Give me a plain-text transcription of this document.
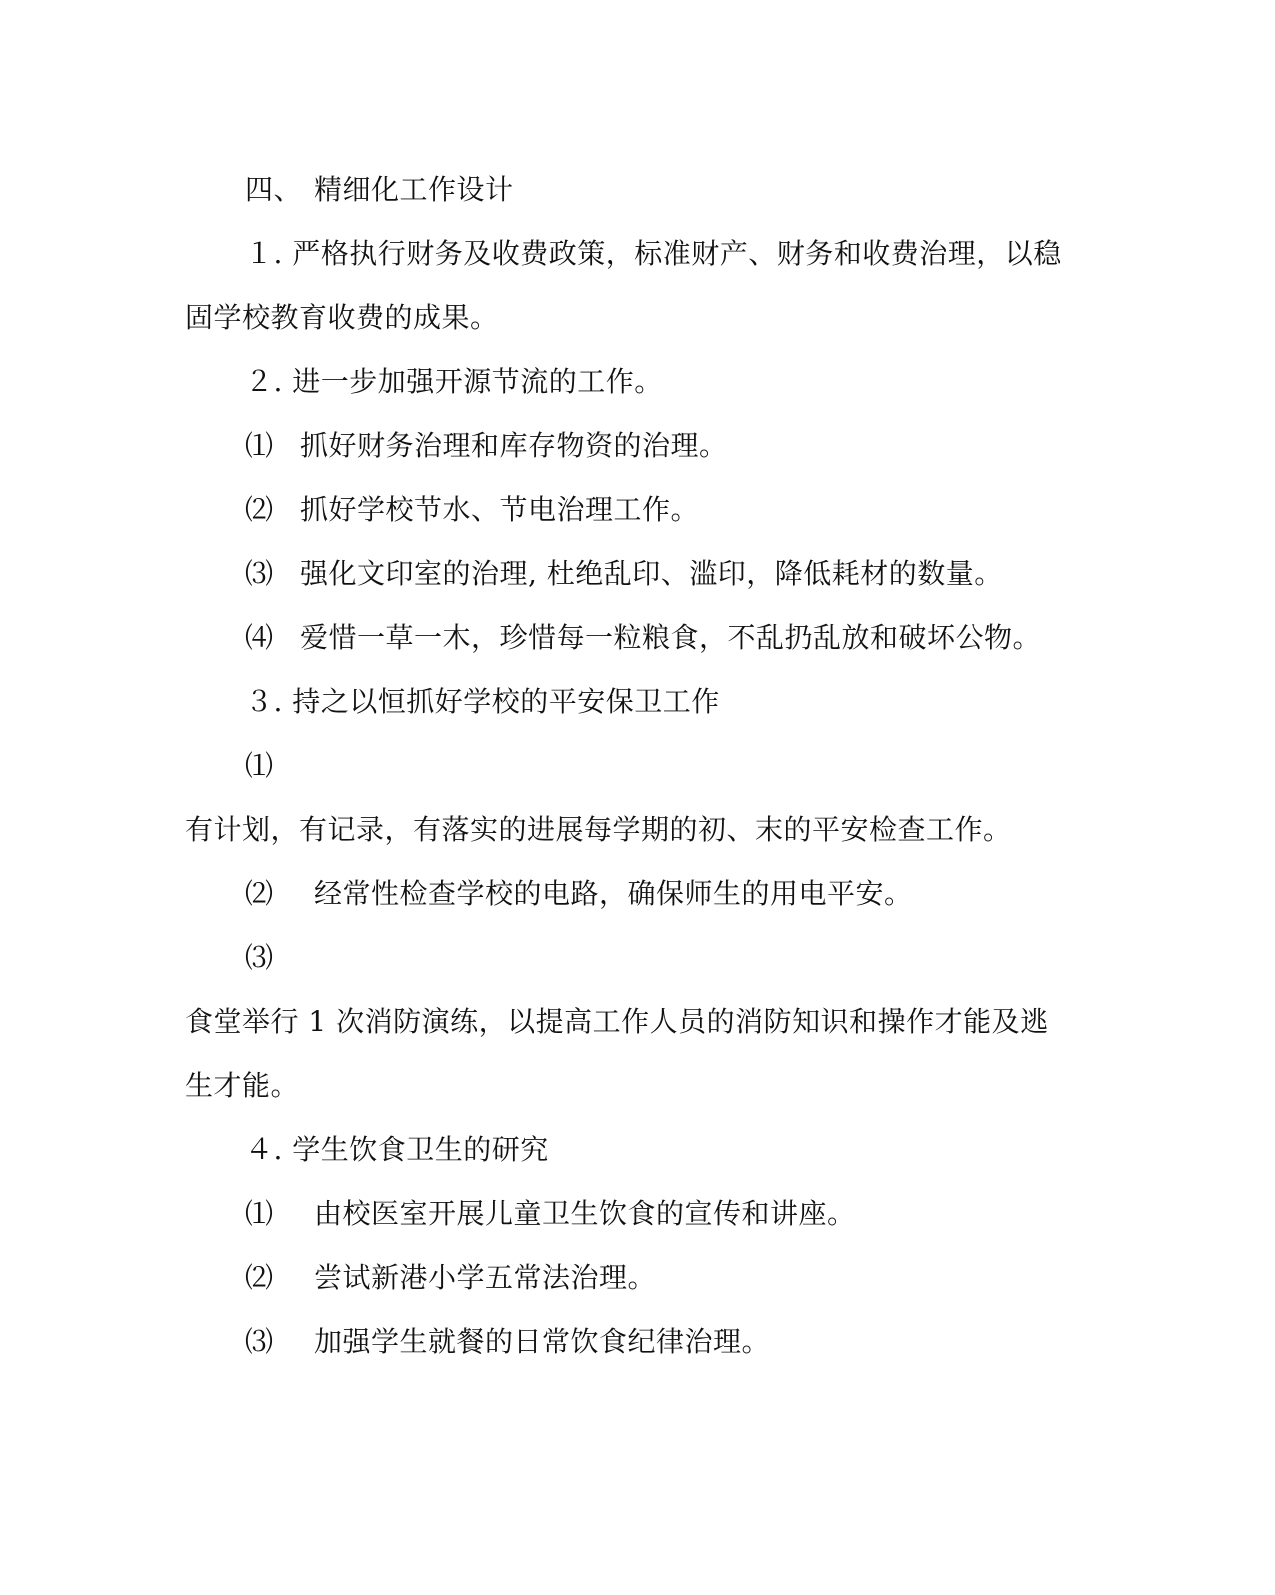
四、 精细化工作设计
１. 严格执行财务及收费政策，标准财产、财务和收费治理，以稳
固学校教育收费的成果。
２. 进一步加强开源节流的工作。
⑴ 抓好财务治理和库存物资的治理。
⑵ 抓好学校节水、节电治理工作。
⑶ 强化文印室的治理, 杜绝乱印、滥印，降低耗材的数量。
⑷ 爱惜一草一木，珍惜每一粒粮食，不乱扔乱放和破坏公物。
３. 持之以恒抓好学校的平安保卫工作
⑴
有计划，有记录，有落实的进展每学期的初、末的平安检查工作。
⑵ 经常性检查学校的电路，确保师生的用电平安。
⑶
食堂举行 1 次消防演练，以提高工作人员的消防知识和操作才能及逃
生才能。
４. 学生饮食卫生的研究
⑴ 由校医室开展儿童卫生饮食的宣传和讲座。
⑵ 尝试新港小学五常法治理。
⑶ 加强学生就餐的日常饮食纪律治理。
